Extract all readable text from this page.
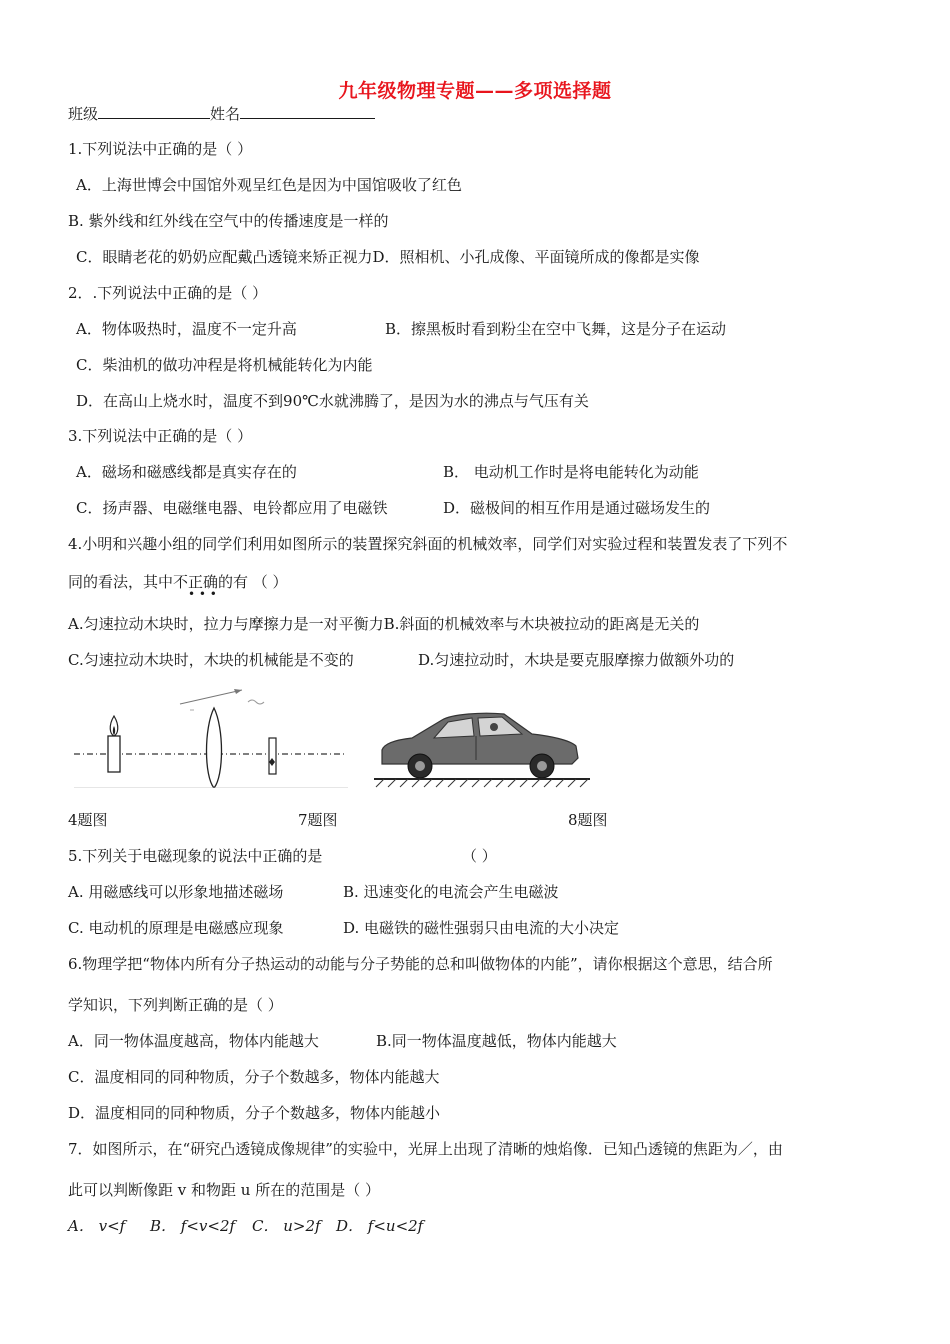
九年级物理专题——多项选择题
班级	姓名
1.下列说法中正确的是（ ）
A．上海世博会中国馆外观呈红色是因为中国馆吸收了红色
B. 紫外线和红外线在空气中的传播速度是一样的
C．眼睛老花的奶奶应配戴凸透镜来矫正视力D．照相机、小孔成像、平面镜所成的像都是实像
2．.下列说法中正确的是（ ）
A．物体吸热时，温度不一定升高	B．擦黑板时看到粉尘在空中飞舞，这是分子在运动
C．柴油机的做功冲程是将机械能转化为内能
D．在高山上烧水时，温度不到90℃水就沸腾了，是因为水的沸点与气压有关
3.下列说法中正确的是（ ）
A．磁场和磁感线都是真实存在的	B． 电动机工作时是将电能转化为动能
C．扬声器、电磁继电器、电铃都应用了电磁铁	D．磁极间的相互作用是通过磁场发生的
4.小明和兴趣小组的同学们利用如图所示的装置探究斜面的机械效率，同学们对实验过程和装置发表了下列不
同的看法，其中不正确的有 （ ）
• • •
A.匀速拉动木块时，拉力与摩擦力是一对平衡力B.斜面的机械效率与木块被拉动的距离是无关的
C.匀速拉动木块时，木块的机械能是不变的	D.匀速拉动时，木块是要克服摩擦力做额外功的
4题图	7题图	8题图
5.下列关于电磁现象的说法中正确的是	（ ）
A. 用磁感线可以形象地描述磁场	B. 迅速变化的电流会产生电磁波
C. 电动机的原理是电磁感应现象	D. 电磁铁的磁性强弱只由电流的大小决定
6.物理学把“物体内所有分子热运动的动能与分子势能的总和叫做物体的内能”，请你根据这个意思，结合所
学知识，下列判断正确的是（ ）
A．同一物体温度越高，物体内能越大	B.同一物体温度越低，物体内能越大
C．温度相同的同种物质，分子个数越多，物体内能越大
D．温度相同的同种物质，分子个数越多，物体内能越小
7．如图所示，在“研究凸透镜成像规律”的实验中，光屏上出现了清晰的烛焰像．已知凸透镜的焦距为／，由
此可以判断像距 v 和物距 u 所在的范围是（ ）
A． v<f B． f<v<2f C． u>2f D． f<u<2f
